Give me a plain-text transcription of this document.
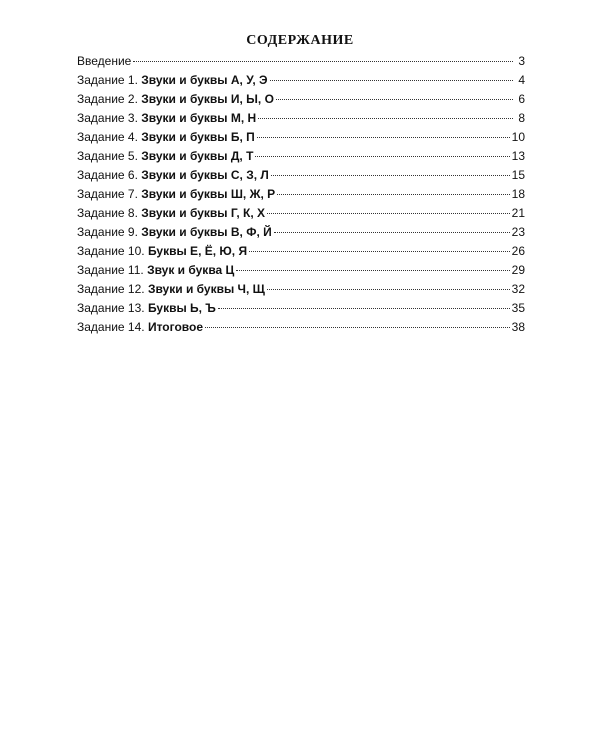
СОДЕРЖАНИЕ
Введение	3
Задание 1. Звуки и буквы А, У, Э	4
Задание 2. Звуки и буквы И, Ы, О	6
Задание 3. Звуки и буквы М, Н	8
Задание 4. Звуки и буквы Б, П	10
Задание 5. Звуки и буквы Д, Т	13
Задание 6. Звуки и буквы С, З, Л	15
Задание 7. Звуки и буквы Ш, Ж, Р	18
Задание 8. Звуки и буквы Г, К, Х	21
Задание 9. Звуки и буквы В, Ф, Й	23
Задание 10. Буквы Е, Ё, Ю, Я	26
Задание 11. Звук и буква Ц	29
Задание 12. Звуки и буквы Ч, Щ	32
Задание 13. Буквы Ь, Ъ	35
Задание 14. Итоговое	38
